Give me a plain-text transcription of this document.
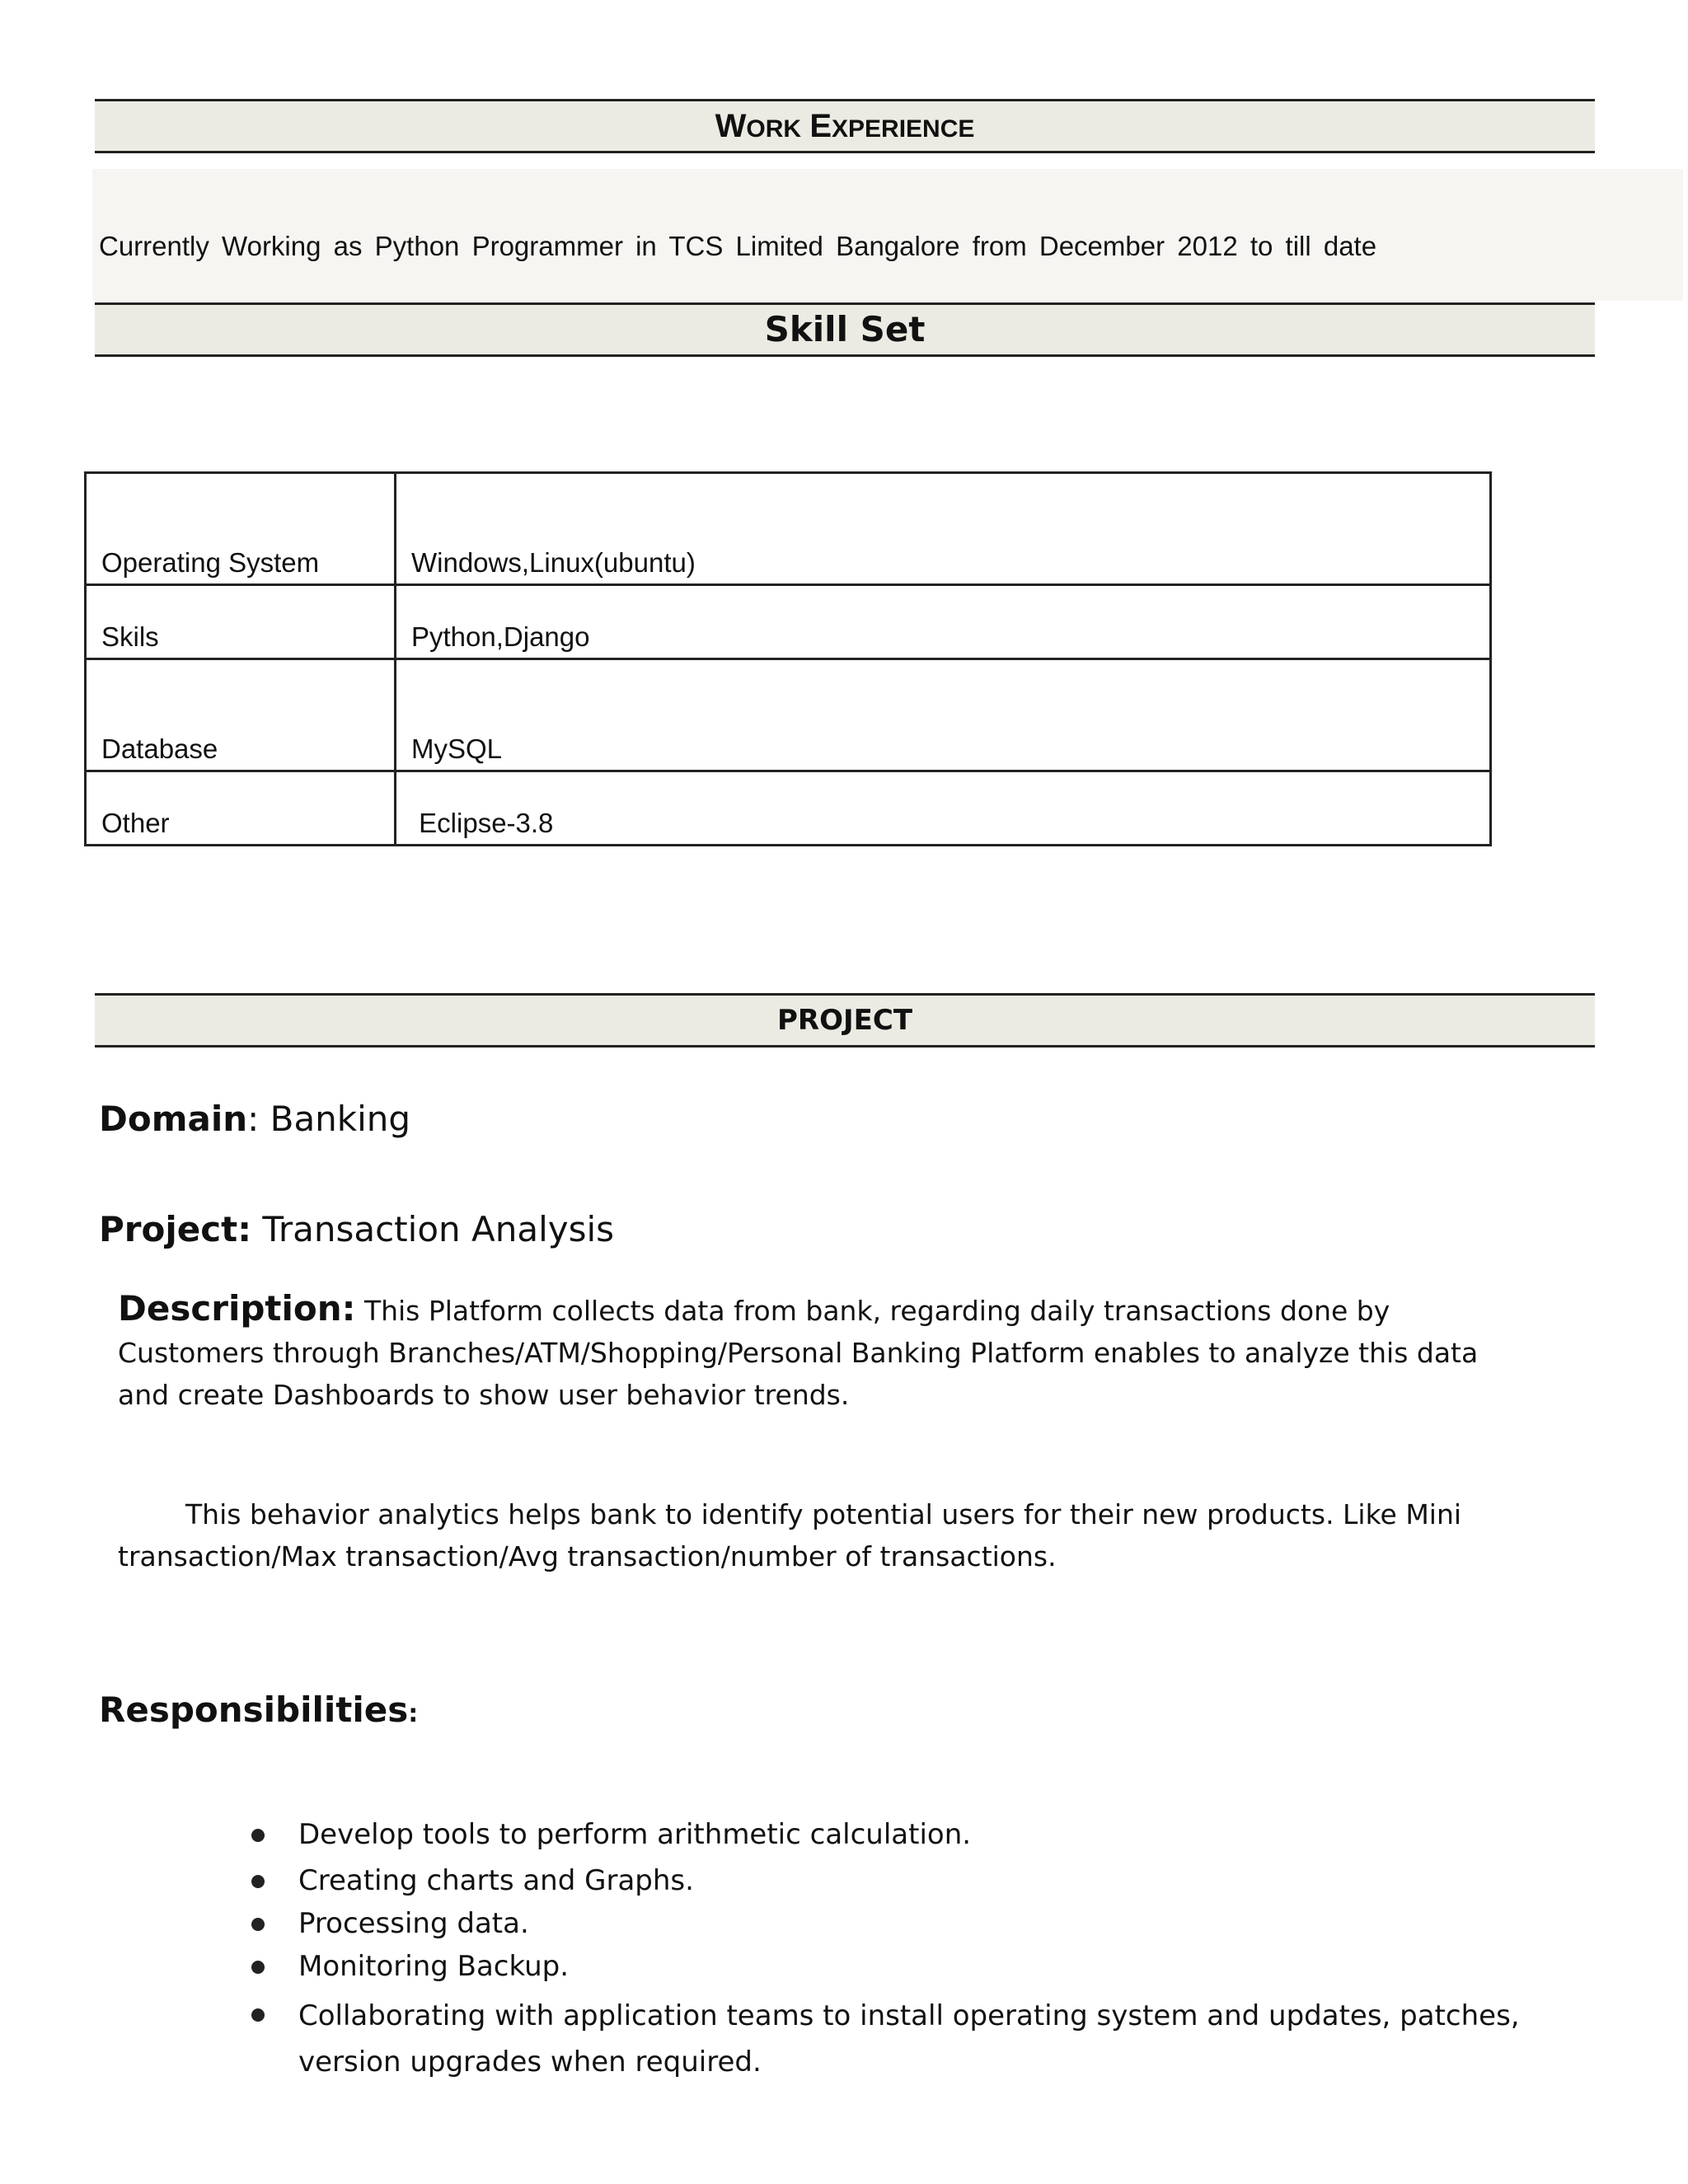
WORK EXPERIENCE
Currently Working as Python Programmer in TCS Limited Bangalore from December 2012 to till date
Skill Set
Operating System	Windows,Linux(ubuntu)
Skils	Python,Django
Database	MySQL
Other	Eclipse-3.8
PROJECT
Domain: Banking
Project: Transaction Analysis
Description: This Platform collects data from bank, regarding daily transactions done by Customers through Branches/ATM/Shopping/Personal Banking Platform enables to analyze this data and create Dashboards to show user behavior trends.
This behavior analytics helps bank to identify potential users for their new products. Like Mini transaction/Max transaction/Avg transaction/number of transactions.
Responsibilities:
Develop tools to perform arithmetic calculation.
Creating charts and Graphs.
Processing data.
Monitoring Backup.
Collaborating with application teams to install operating system and updates, patches, version upgrades when required.
